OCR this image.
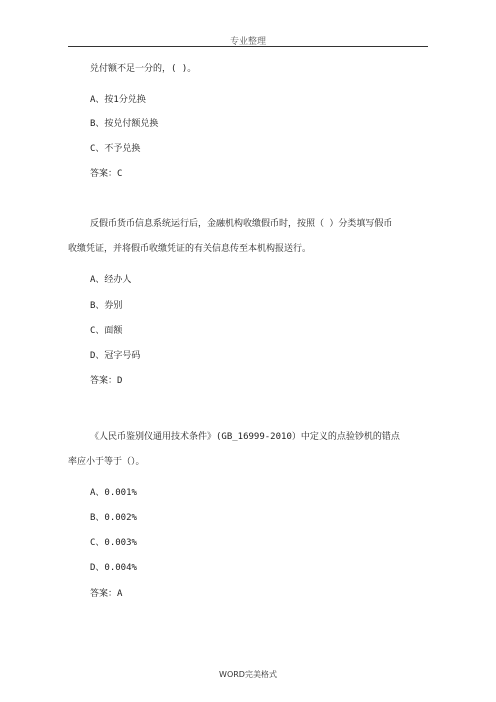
专业整理
兑付额不足一分的，( )。
A、按1分兑换
B、按兑付额兑换
C、不予兑换
答案：C
反假币货币信息系统运行后，金融机构收缴假币时，按照（ ）分类填写假币
收缴凭证，并将假币收缴凭证的有关信息传至本机构报送行。
A、经办人
B、券别
C、面额
D、冠字号码
答案：D
《人民币鉴别仪通用技术条件》(GB_16999-2010）中定义的点验钞机的错点
率应小于等于（）。
A、0.001%
B、0.002%
C、0.003%
D、0.004%
答案：A
WORD完美格式
